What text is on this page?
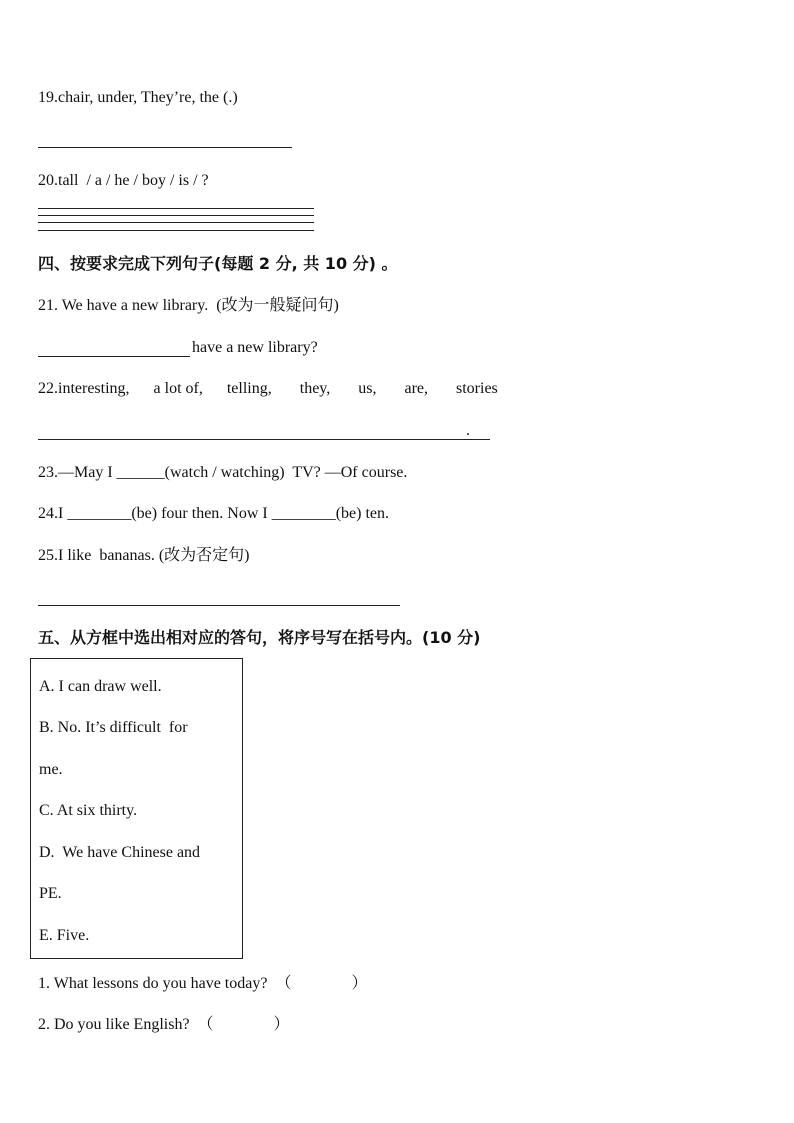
19.chair, under, They’re, the (.)
20.tall  / a / he / boy / is / ?
四、按要求完成下列句子(每题 2 分, 共 10 分) 。
21. We have a new library.  (改为一般疑问句)
have a new library?
22.interesting,      a lot of,      telling,       they,       us,       are,       stories
.
23.—May I ______(watch / watching)  TV? —Of course.
24.I ________(be) four then. Now I ________(be) ten.
25.I like  bananas. (改为否定句)
五、从方框中选出相对应的答句，将序号写在括号内。(10 分)
A. I can draw well.
B. No. It’s difficult  for
me.
C. At six thirty.
D.  We have Chinese and
PE.
E. Five.
1. What lessons do you have today?  （               ）
2. Do you like English?  （               ）
